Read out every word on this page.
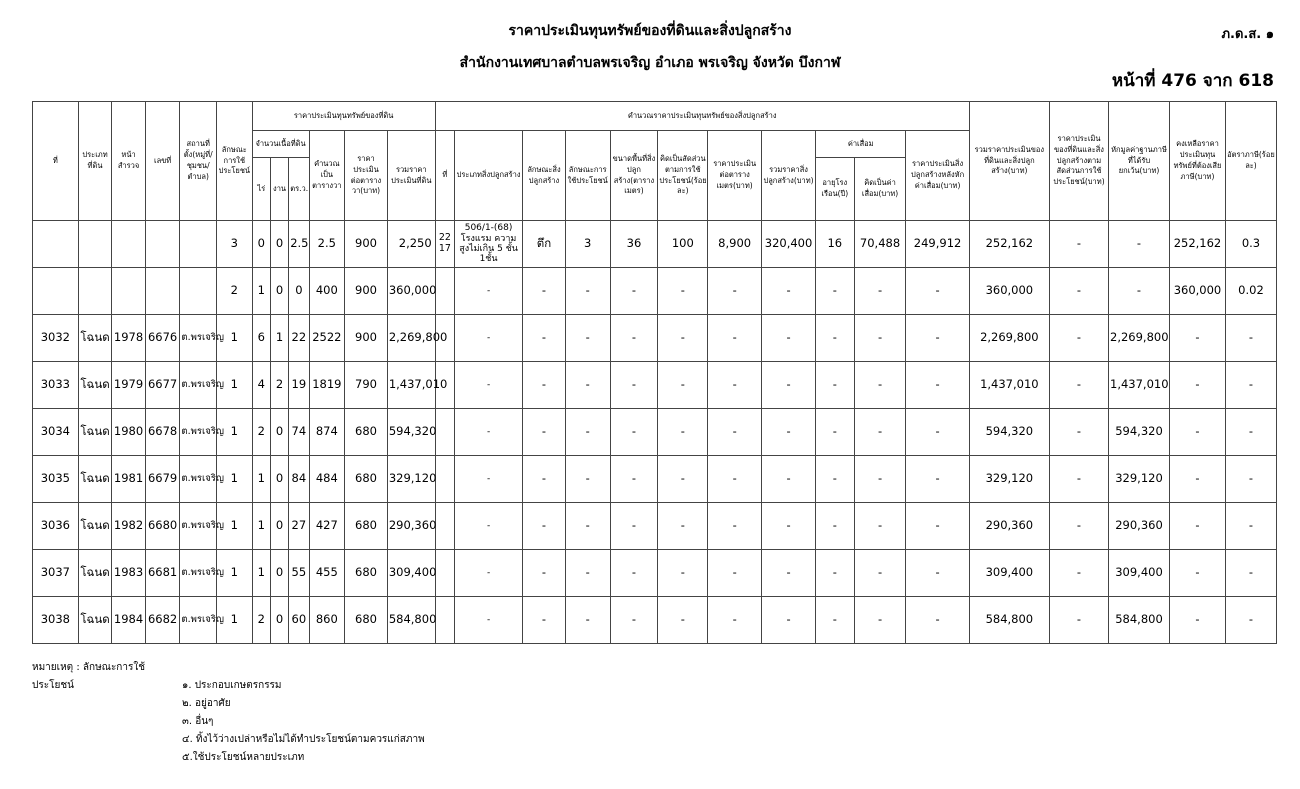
ราคาประเมินทุนทรัพย์ของที่ดินและสิ่งปลูกสร้าง
สำนักงานเทศบาลตำบลพรเจริญ อำเภอ พรเจริญ จังหวัด บึงกาฬ
ภ.ด.ส. ๑
หน้าที่ 476 จาก 618
ที่	ประเภทที่ดิน	หน้าสำรวจ	เลขที่	สถานที่ตั้ง(หมู่ที่/ชุมชน/ตำบล)	ลักษณะการใช้ประโยชน์	ราคาประเมินทุนทรัพย์ของที่ดิน						คำนวณราคาประเมินทุนทรัพย์ของสิ่งปลูกสร้าง											รวมราคาประเมินของที่ดินและสิ่งปลูกสร้าง(บาท)	ราคาประเมินของที่ดินและสิ่งปลูกสร้างตามสัดส่วนการใช้ประโยชน์(บาท)	หักมูลค่าฐานภาษีที่ได้รับยกเว้น(บาท)	คงเหลือราคาประเมินทุนทรัพย์ที่ต้องเสียภาษี(บาท)	อัตราภาษี(ร้อยละ)
						จำนวนเนื้อที่ดิน			คำนวณเป็นตารางวา	ราคาประเมินต่อตารางวา(บาท)	รวมราคาประเมินที่ดิน	ที่	ประเภทสิ่งปลูกสร้าง	ลักษณะสิ่งปลูกสร้าง	ลักษณะการใช้ประโยชน์	ขนาดพื้นที่สิ่งปลูกสร้าง(ตารางเมตร)	คิดเป็นสัดส่วนตามการใช้ประโยชน์(ร้อยละ)	ราคาประเมินต่อตารางเมตร(บาท)	รวมราคาสิ่งปลูกสร้าง(บาท)	ค่าเสื่อม		ราคาประเมินสิ่งปลูกสร้างหลังหักค่าเสื่อม(บาท)					
						ไร่	งาน	ตร.ว.												อายุโรงเรือน(ปี)	คิดเป็นค่าเสื่อม(บาท)						
					3	0	0	2.5	2.5	900	2,250	22 17	506/1-(68) โรงแรม ความสูงไม่เกิน 5 ชั้น 1ชั้น	ตึก	3	36	100	8,900	320,400	16	70,488	249,912	252,162	-	-	252,162	0.3
					2	1	0	0	400	900	360,000		-	-	-	-	-	-	-	-	-	-	360,000	-	-	360,000	0.02
3032	โฉนด	1978	6676	ต.พรเจริญ	1	6	1	22	2522	900	2,269,800		-	-	-	-	-	-	-	-	-	-	2,269,800	-	2,269,800	-	-
3033	โฉนด	1979	6677	ต.พรเจริญ	1	4	2	19	1819	790	1,437,010		-	-	-	-	-	-	-	-	-	-	1,437,010	-	1,437,010	-	-
3034	โฉนด	1980	6678	ต.พรเจริญ	1	2	0	74	874	680	594,320		-	-	-	-	-	-	-	-	-	-	594,320	-	594,320	-	-
3035	โฉนด	1981	6679	ต.พรเจริญ	1	1	0	84	484	680	329,120		-	-	-	-	-	-	-	-	-	-	329,120	-	329,120	-	-
3036	โฉนด	1982	6680	ต.พรเจริญ	1	1	0	27	427	680	290,360		-	-	-	-	-	-	-	-	-	-	290,360	-	290,360	-	-
3037	โฉนด	1983	6681	ต.พรเจริญ	1	1	0	55	455	680	309,400		-	-	-	-	-	-	-	-	-	-	309,400	-	309,400	-	-
3038	โฉนด	1984	6682	ต.พรเจริญ	1	2	0	60	860	680	584,800		-	-	-	-	-	-	-	-	-	-	584,800	-	584,800	-	-
หมายเหตุ : ลักษณะการใช้ประโยชน์	๑. ประกอบเกษตรกรรม
๒. อยู่อาศัย
๓. อื่นๆ
๔. ทิ้งไว้ว่างเปล่าหรือไม่ได้ทำประโยชน์ตามควรแก่สภาพ
๕.ใช้ประโยชน์หลายประเภท
